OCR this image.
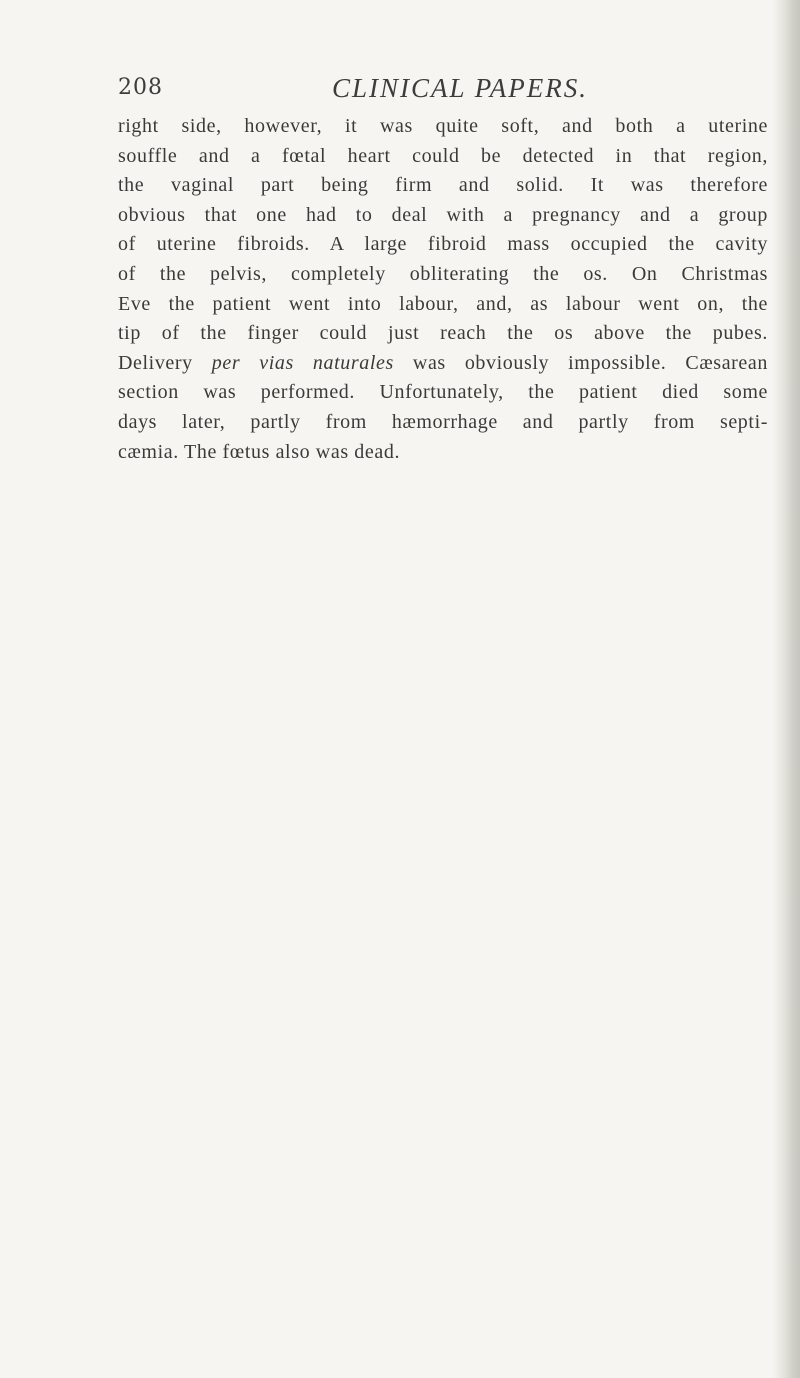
208	CLINICAL PAPERS.
right side, however, it was quite soft, and both a uterine
souffle and a fœtal heart could be detected in that region,
the vaginal part being firm and solid. It was therefore
obvious that one had to deal with a pregnancy and a group
of uterine fibroids. A large fibroid mass occupied the cavity
of the pelvis, completely obliterating the os. On Christmas
Eve the patient went into labour, and, as labour went on, the
tip of the finger could just reach the os above the pubes.
Delivery per vias naturales was obviously impossible. Cæsarean
section was performed. Unfortunately, the patient died some
days later, partly from hæmorrhage and partly from septi-
cæmia. The fœtus also was dead.
